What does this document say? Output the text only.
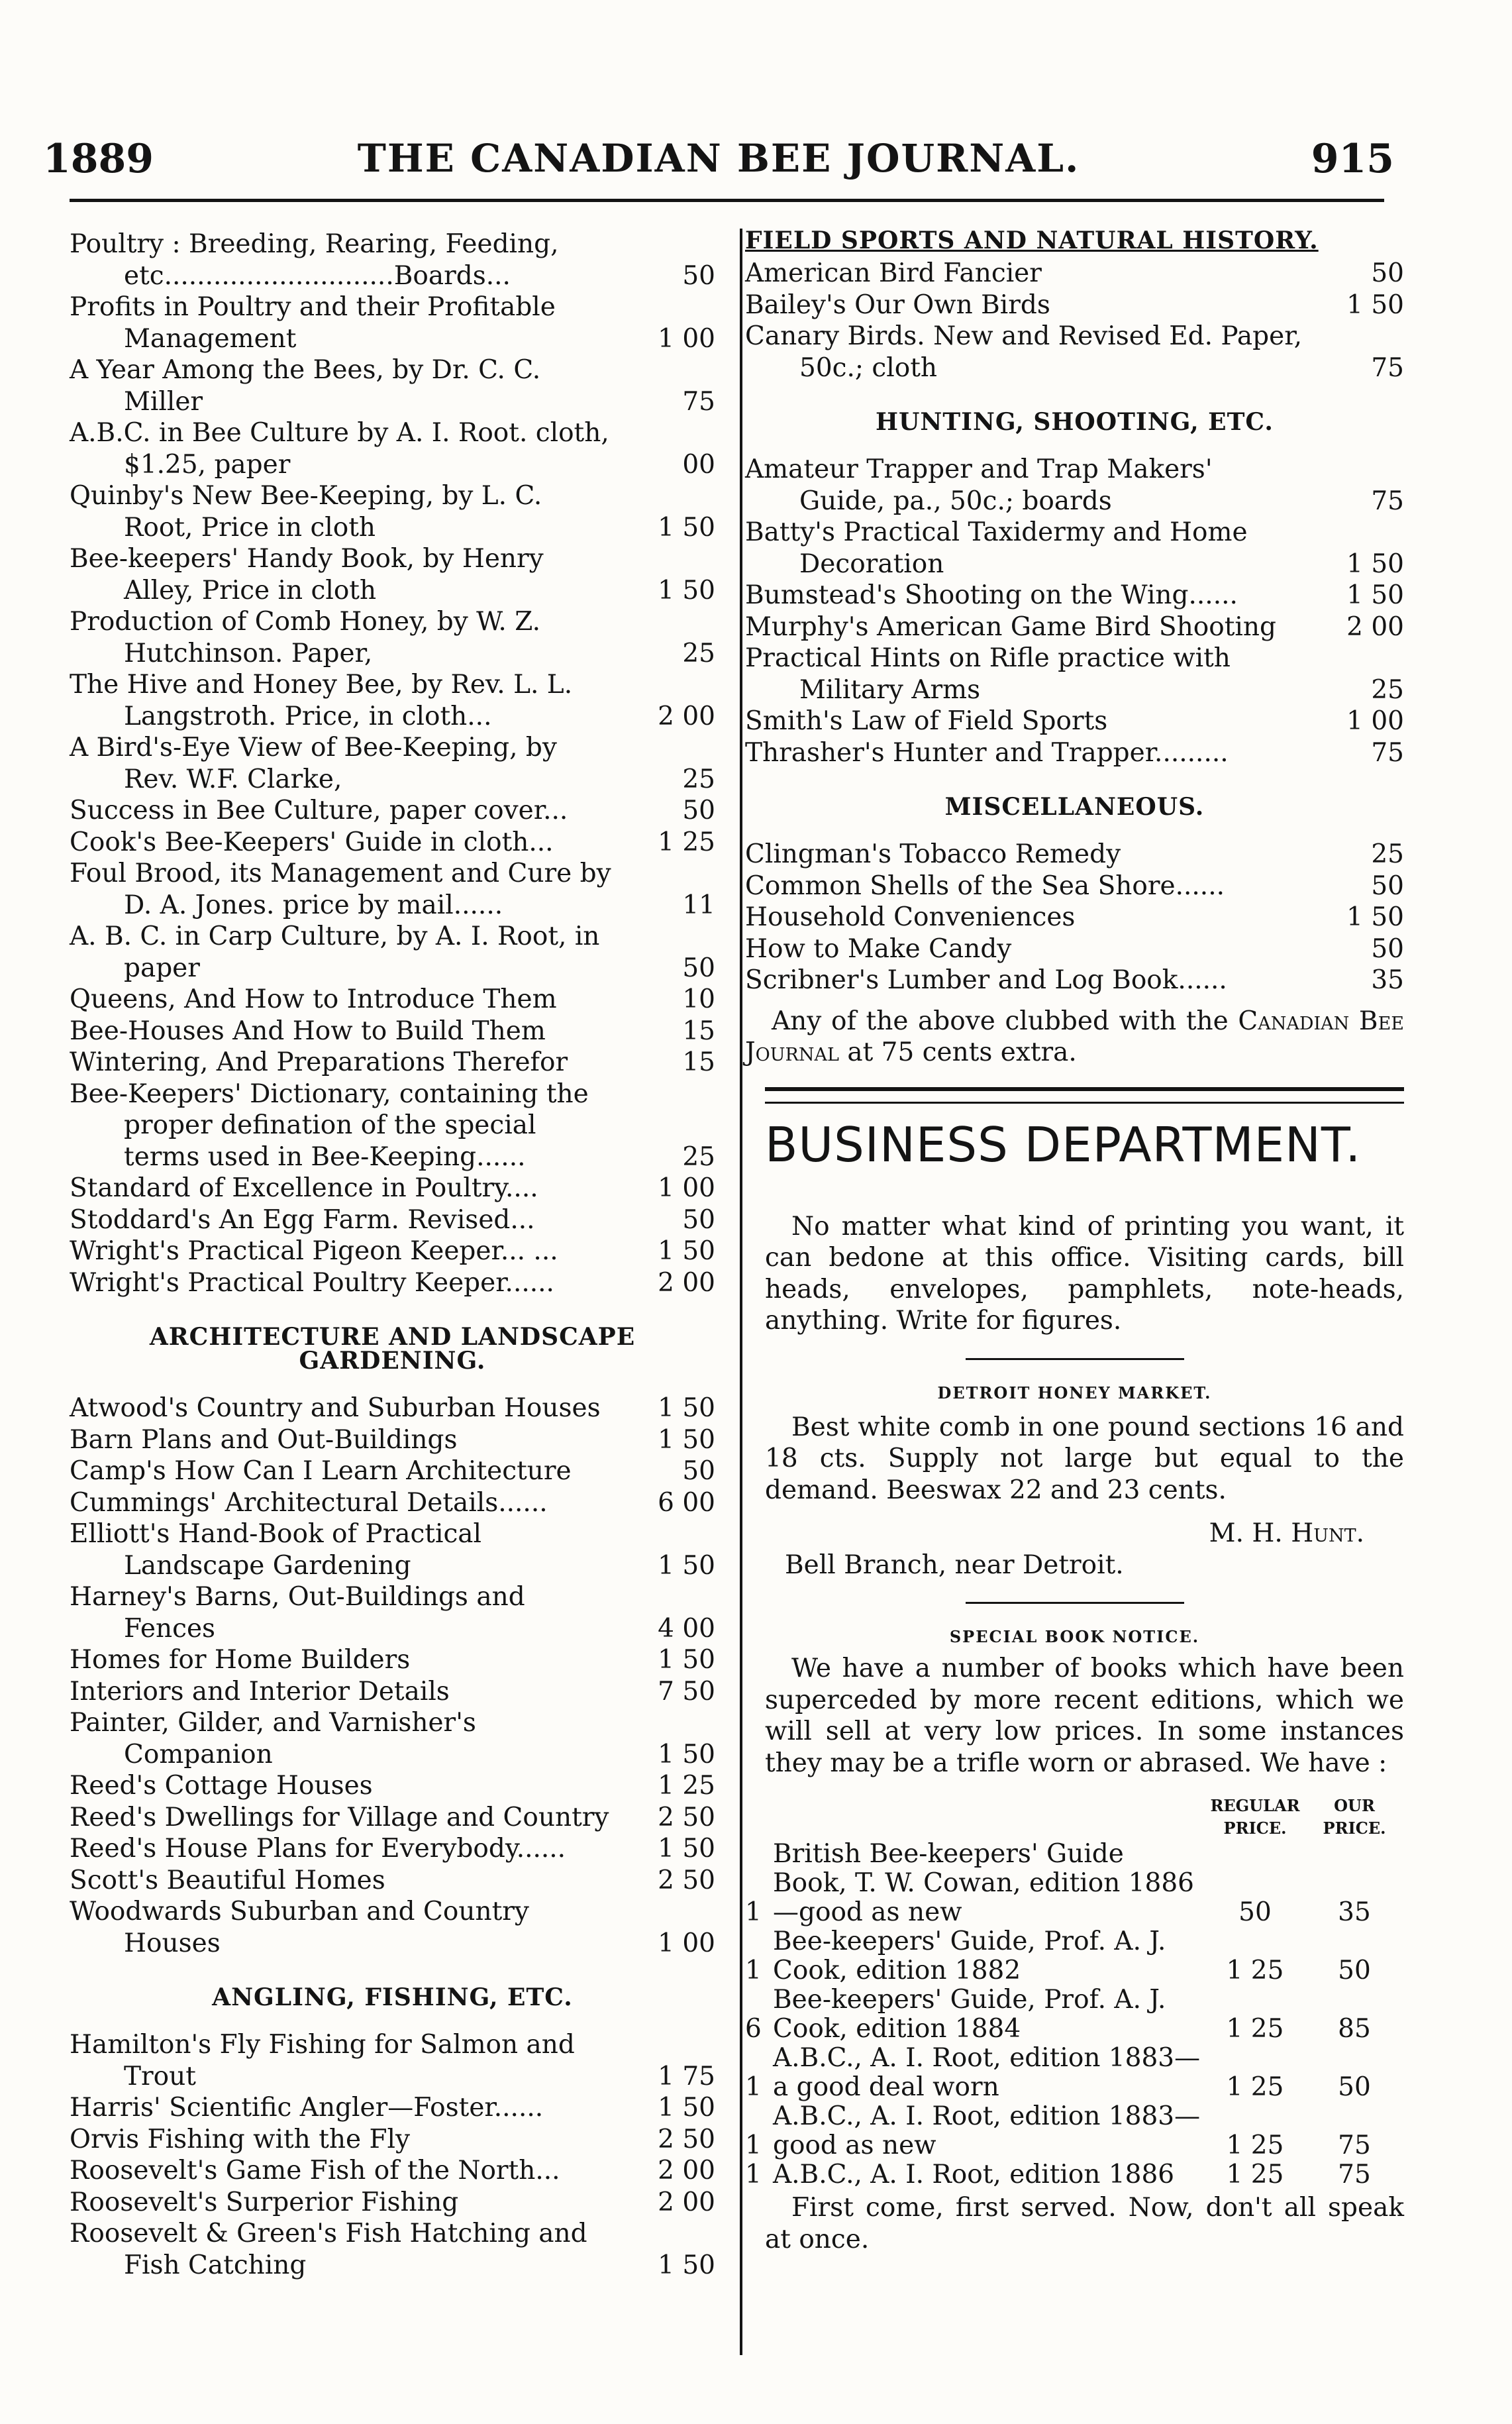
1889	THE CANADIAN BEE JOURNAL.	915
Poultry : Breeding, Rearing, Feeding, etc............................Boards...	50
Profits in Poultry and their Profitable Management	1 00
A Year Among the Bees, by Dr. C. C. Miller	75
A.B.C. in Bee Culture by A. I. Root. cloth, $1.25, paper	00
Quinby's New Bee-Keeping, by L. C. Root, Price in cloth	1 50
Bee-keepers' Handy Book, by Henry Alley, Price in cloth	1 50
Production of Comb Honey, by W. Z. Hutchinson. Paper,	25
The Hive and Honey Bee, by Rev. L. L. Langstroth. Price, in cloth...	2 00
A Bird's-Eye View of Bee-Keeping, by Rev. W.F. Clarke,	25
Success in Bee Culture, paper cover...	50
Cook's Bee-Keepers' Guide in cloth...	1 25
Foul Brood, its Management and Cure by D. A. Jones. price by mail......	11
A. B. C. in Carp Culture, by A. I. Root, in paper	50
Queens, And How to Introduce Them	10
Bee-Houses And How to Build Them	15
Wintering, And Preparations Therefor	15
Bee-Keepers' Dictionary, containing the proper defination of the special terms used in Bee-Keeping......	25
Standard of Excellence in Poultry....	1 00
Stoddard's An Egg Farm. Revised...	50
Wright's Practical Pigeon Keeper... ...	1 50
Wright's Practical Poultry Keeper......	2 00
ARCHITECTURE AND LANDSCAPE GARDENING.
Atwood's Country and Suburban Houses	1 50
Barn Plans and Out-Buildings	1 50
Camp's How Can I Learn Architecture	50
Cummings' Architectural Details......	6 00
Elliott's Hand-Book of Practical Landscape Gardening	1 50
Harney's Barns, Out-Buildings and Fences	4 00
Homes for Home Builders	1 50
Interiors and Interior Details	7 50
Painter, Gilder, and Varnisher's Companion	1 50
Reed's Cottage Houses	1 25
Reed's Dwellings for Village and Country	2 50
Reed's House Plans for Everybody......	1 50
Scott's Beautiful Homes	2 50
Woodwards Suburban and Country Houses	1 00
ANGLING, FISHING, ETC.
Hamilton's Fly Fishing for Salmon and Trout	1 75
Harris' Scientific Angler—Foster......	1 50
Orvis Fishing with the Fly	2 50
Roosevelt's Game Fish of the North...	2 00
Roosevelt's Surperior Fishing	2 00
Roosevelt & Green's Fish Hatching and Fish Catching	1 50
FIELD SPORTS AND NATURAL HISTORY.
American Bird Fancier	50
Bailey's Our Own Birds	1 50
Canary Birds. New and Revised Ed. Paper, 50c.; cloth	75
HUNTING, SHOOTING, ETC.
Amateur Trapper and Trap Makers' Guide, pa., 50c.; boards	75
Batty's Practical Taxidermy and Home Decoration	1 50
Bumstead's Shooting on the Wing......	1 50
Murphy's American Game Bird Shooting	2 00
Practical Hints on Rifle practice with Military Arms	25
Smith's Law of Field Sports	1 00
Thrasher's Hunter and Trapper.........	75
MISCELLANEOUS.
Clingman's Tobacco Remedy	25
Common Shells of the Sea Shore......	50
Household Conveniences	1 50
How to Make Candy	50
Scribner's Lumber and Log Book......	35

Any of the above clubbed with the Canadian Bee Journal at 75 cents extra.

BUSINESS DEPARTMENT.

No matter what kind of printing you want, it can bedone at this office. Visiting cards, bill heads, envelopes, pamphlets, note-heads, anything. Write for figures.

DETROIT HONEY MARKET.

Best white comb in one pound sections 16 and 18 cts. Supply not large but equal to the demand. Beeswax 22 and 23 cents.

M. H. Hunt.
Bell Branch, near Detroit.
SPECIAL BOOK NOTICE.

We have a number of books which have been superceded by more recent editions, which we will sell at very low prices. In some instances they may be a trifle worn or abrased. We have :

		REGULAR PRICE.	OUR PRICE.
1	British Bee-keepers' Guide Book, T. W. Cowan, edition 1886—good as new	50	35
1	Bee-keepers' Guide, Prof. A. J. Cook, edition 1882	1 25	50
6	Bee-keepers' Guide, Prof. A. J. Cook, edition 1884	1 25	85
1	A.B.C., A. I. Root, edition 1883—a good deal worn	1 25	50
1	A.B.C., A. I. Root, edition 1883—good as new	1 25	75
1	A.B.C., A. I. Root, edition 1886	1 25	75

First come, first served. Now, don't all speak at once.
